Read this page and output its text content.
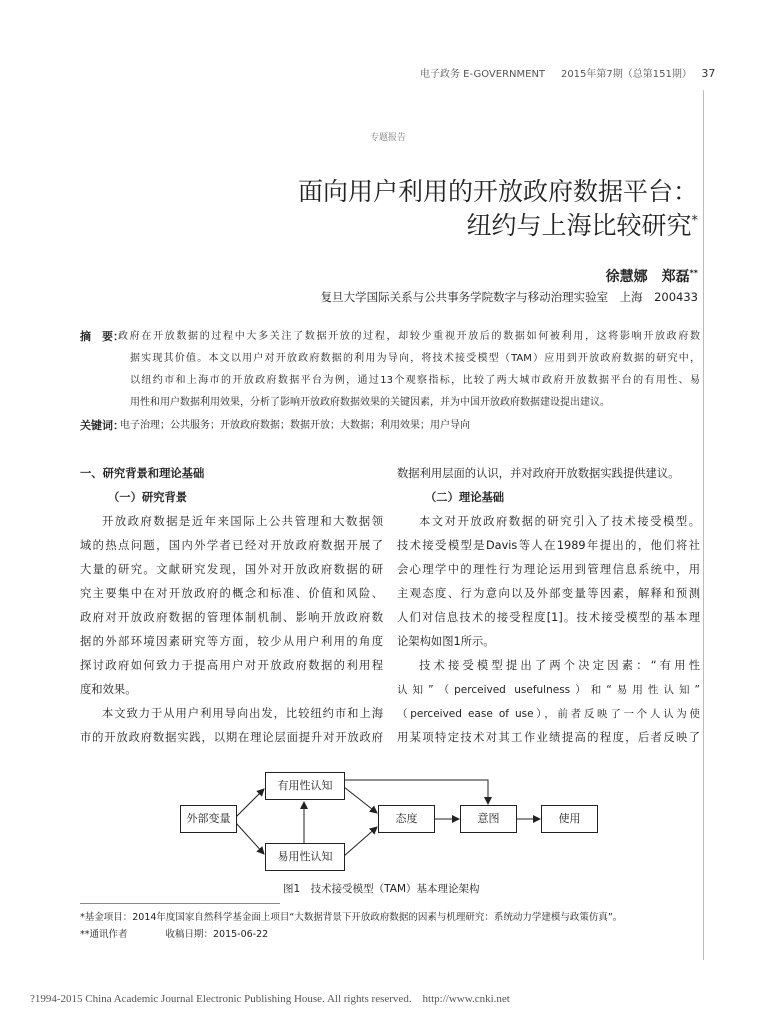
电子政务 E-GOVERNMENT 2015年第7期（总第151期） 37
专题报告
面向用户利用的开放政府数据平台：
纽约与上海比较研究*
徐慧娜　郑磊**
复旦大学国际关系与公共事务学院数字与移动治理实验室　上海　200433
摘　要：
政府在开放数据的过程中大多关注了数据开放的过程，却较少重视开放后的数据如何被利用，这将影响开放政府数
据实现其价值。本文以用户对开放政府数据的利用为导向，将技术接受模型（TAM）应用到开放政府数据的研究中，
以纽约市和上海市的开放政府数据平台为例，通过13个观察指标，比较了两大城市政府开放数据平台的有用性、易
用性和用户数据利用效果，分析了影响开放政府数据效果的关键因素，并为中国开放政府数据建设提出建议。
关键词：
电子治理；公共服务；开放政府数据；数据开放；大数据；利用效果；用户导向
一、研究背景和理论基础
（一）研究背景
开放政府数据是近年来国际上公共管理和大数据领
域的热点问题，国内外学者已经对开放政府数据开展了
大量的研究。文献研究发现，国外对开放政府数据的研
究主要集中在对开放政府的概念和标准、价值和风险、
政府对开放政府数据的管理体制机制、影响开放政府数
据的外部环境因素研究等方面，较少从用户利用的角度
探讨政府如何致力于提高用户对开放政府数据的利用程
度和效果。
本文致力于从用户利用导向出发，比较纽约市和上海
市的开放政府数据实践，以期在理论层面提升对开放政府
数据利用层面的认识，并对政府开放数据实践提供建议。
（二）理论基础
本文对开放政府数据的研究引入了技术接受模型。
技术接受模型是Davis等人在1989年提出的，他们将社
会心理学中的理性行为理论运用到管理信息系统中，用
主观态度、行为意向以及外部变量等因素，解释和预测
人们对信息技术的接受程度[1]。技术接受模型的基本理
论架构如图1所示。
技术接受模型提出了两个决定因素：“有用性
认知”（perceived usefulness）和“易用性认知”
（perceived ease of use），前者反映了一个人认为使
用某项特定技术对其工作业绩提高的程度，后者反映了
外部变量
有用性认知
易用性认知
态度	意图	使用
图1　技术接受模型（TAM）基本理论架构
*基金项目：2014年度国家自然科学基金面上项目“大数据背景下开放政府数据的因素与机理研究：系统动力学建模与政策仿真”。
**通讯作者　　　　收稿日期：2015-06-22
?1994-2015 China Academic Journal Electronic Publishing House. All rights reserved.　http://www.cnki.net
